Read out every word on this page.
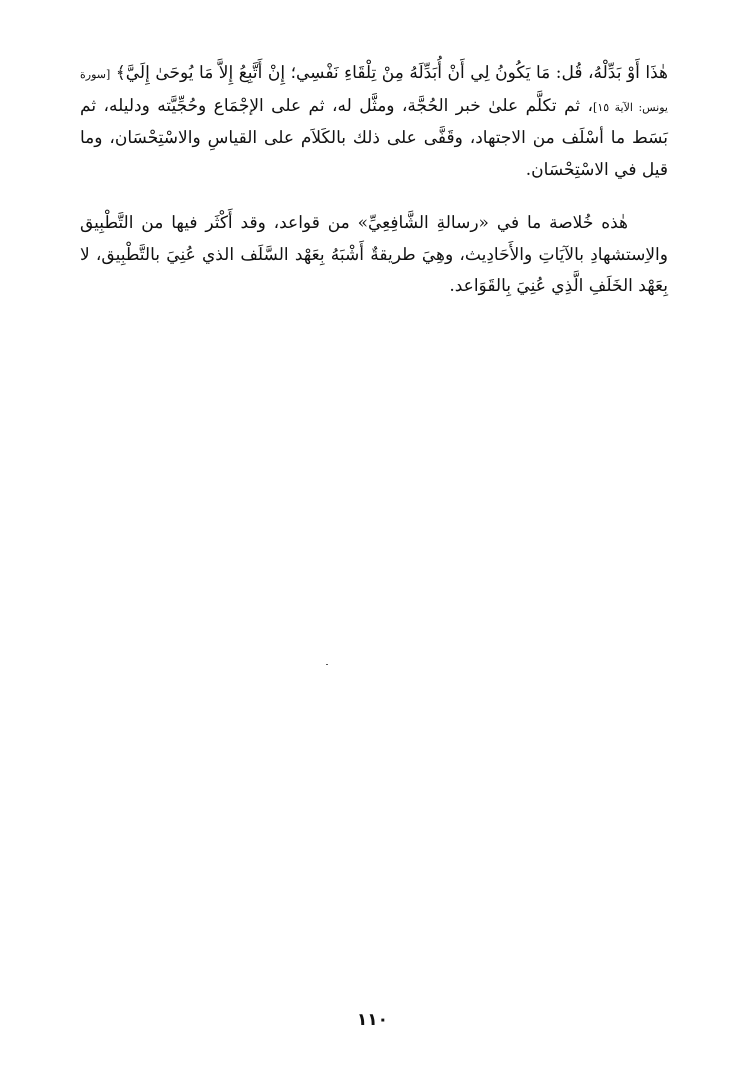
هٰذَا أَوْ بَدِّلْهُ، قُل: مَا يَكُونُ لِي أَنْ أُبَدِّلَهُ مِنْ تِلْقَاءِ نَفْسِي؛ إِنْ أَتَّبِعُ إِلاَّ مَا يُوحَىٰ إِلَيَّ﴾ [سورة يونس: الآية ١٥]، ثم تكلَّم علىٰ خبر الحُجَّة، ومثَّل له، ثم على الإجْمَاع وحُجِّيَّته ودليله، ثم بَسَط ما أسْلَف من الاجتهاد، وقَفَّى على ذلك بالكَلاَم على القياسِ والاسْتِحْسَان، وما قيل في الاسْتِحْسَان.

هٰذه خُلاصة ما في «رسالةِ الشَّافِعِيِّ» من قواعد، وقد أَكْثَر فيها من التَّطْبِيق والاِستشهادِ بالآيَاتِ والأَحَادِيث، وهِيَ طريقةٌ أَشْبَهُ بِعَهْد السَّلَف الذي عُنِيَ بالتَّطْبِيق، لا بِعَهْد الخَلَفِ الَّذِي عُنِيَ بِالقَوَاعد.

١١٠
